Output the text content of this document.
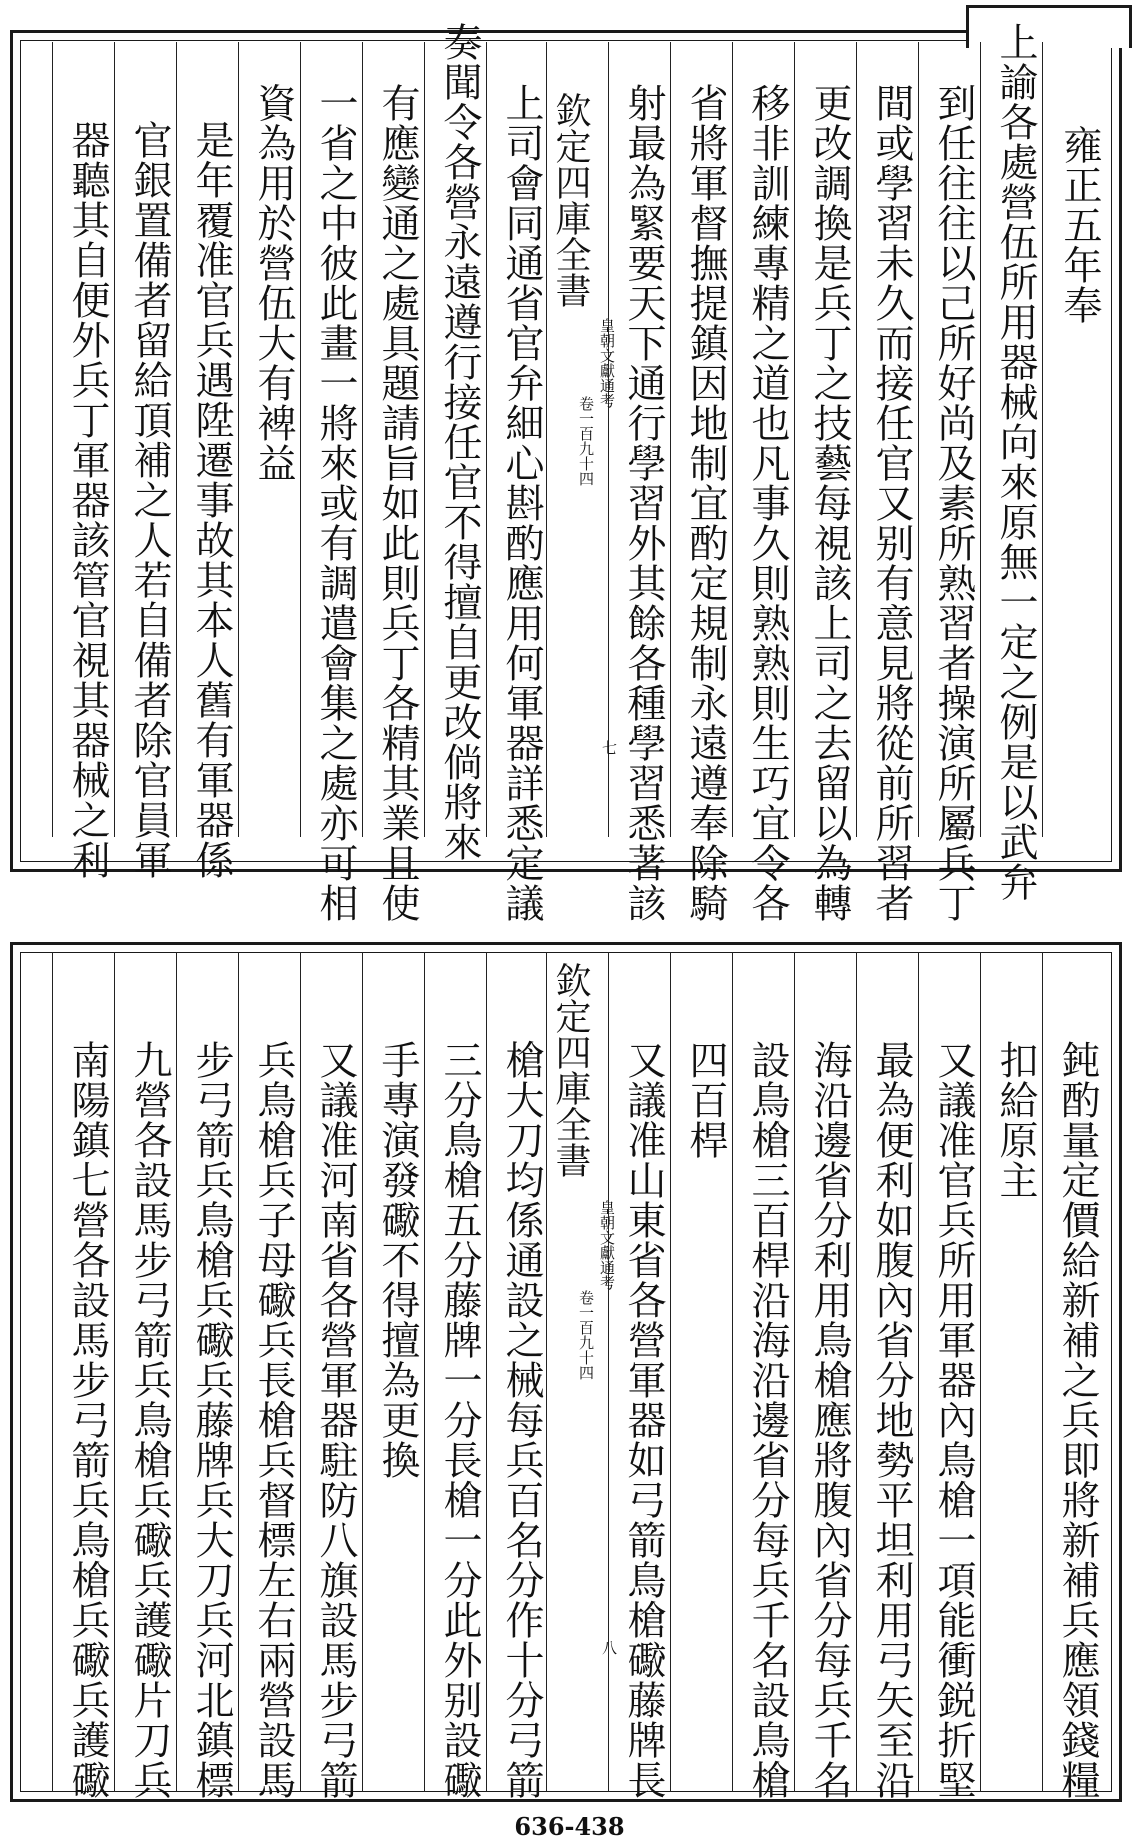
雍正五年奉
上諭各處營伍所用器械向來原無一定之例是以武弁
到任往往以己所好尚及素所熟習者操演所屬兵丁
間或學習未久而接任官又别有意見將從前所習者
更改調換是兵丁之技藝每視該上司之去留以為轉
移非訓練專精之道也凡事久則熟熟則生巧宜令各
省將軍督撫提鎮因地制宜酌定規制永遠遵奉除騎
射最為緊要天下通行學習外其餘各種學習悉著該
欽定四庫全書
皇朝文獻通考
卷一百九十四
七
上司會同通省官弁細心斟酌應用何軍器詳悉定議
奏聞令各營永遠遵行接任官不得擅自更改倘將來
有應變通之處具題請旨如此則兵丁各精其業且使
一省之中彼此畫一將來或有調遣會集之處亦可相
資為用於營伍大有裨益
是年覆准官兵遇陞遷事故其本人舊有軍器係
官銀置備者留給頂補之人若自備者除官員軍
器聽其自便外兵丁軍器該管官視其器械之利
鈍酌量定價給新補之兵即將新補兵應領錢糧
扣給原主
又議准官兵所用軍器內鳥槍一項能衝鋭折堅
最為便利如腹內省分地勢平坦利用弓矢至沿
海沿邊省分利用鳥槍應將腹內省分每兵千名
設鳥槍三百桿沿海沿邊省分每兵千名設鳥槍
四百桿
又議准山東省各營軍器如弓箭鳥槍礮藤牌長
欽定四庫全書
皇朝文獻通考
卷一百九十四
八
槍大刀均係通設之械每兵百名分作十分弓箭
三分鳥槍五分藤牌一分長槍一分此外别設礮
手專演發礮不得擅為更換
又議准河南省各營軍器駐防八旗設馬步弓箭
兵鳥槍兵子母礮兵長槍兵督標左右兩營設馬
步弓箭兵鳥槍兵礮兵藤牌兵大刀兵河北鎮標
九營各設馬步弓箭兵鳥槍兵礮兵護礮片刀兵
南陽鎮七營各設馬步弓箭兵鳥槍兵礮兵護礮
636-438
